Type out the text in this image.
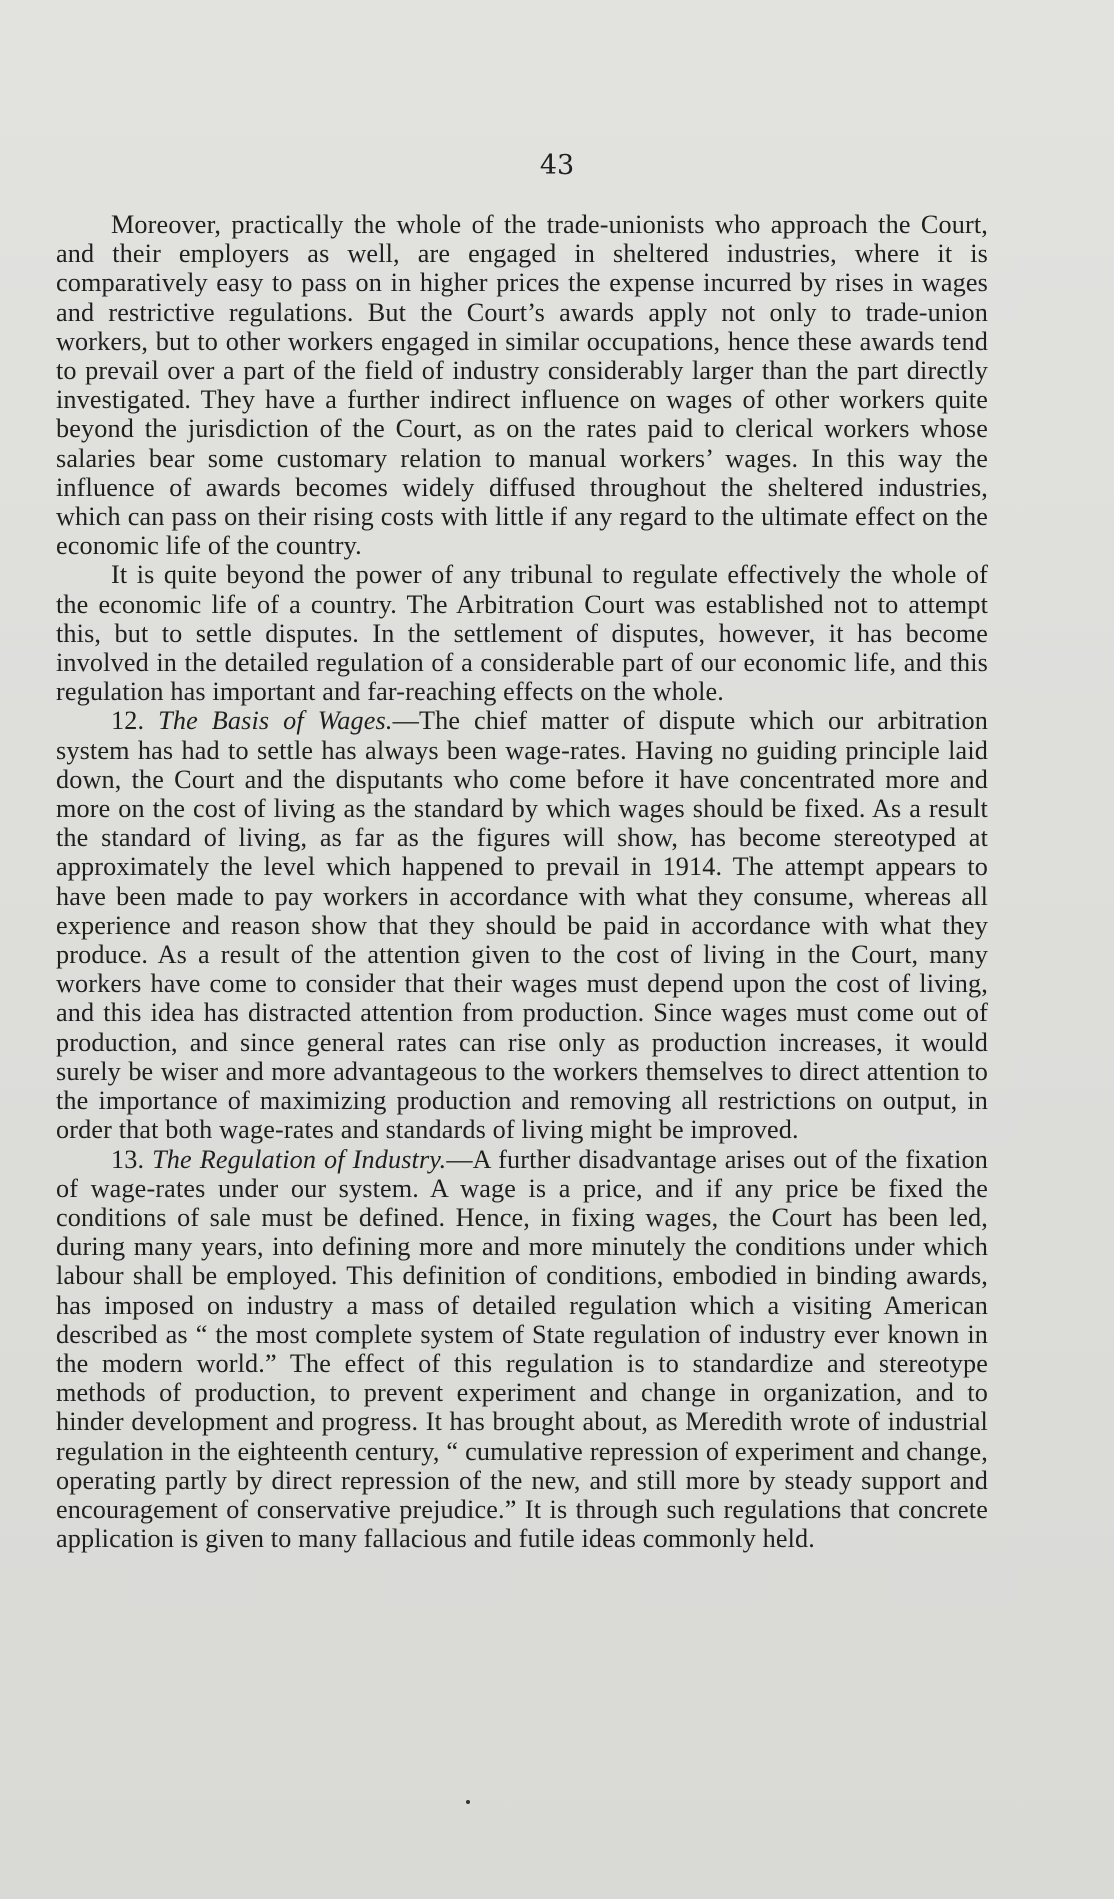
43

Moreover, practically the whole of the trade-unionists who approach the Court, and their employers as well, are engaged in sheltered industries, where it is comparatively easy to pass on in higher prices the expense incurred by rises in wages and restrictive regulations. But the Court’s awards apply not only to trade-union workers, but to other workers engaged in similar occupations, hence these awards tend to prevail over a part of the field of industry considerably larger than the part directly investigated. They have a further indirect influence on wages of other workers quite beyond the jurisdiction of the Court, as on the rates paid to clerical workers whose salaries bear some customary relation to manual workers’ wages. In this way the influence of awards becomes widely diffused throughout the sheltered industries, which can pass on their rising costs with little if any regard to the ultimate effect on the economic life of the country.

It is quite beyond the power of any tribunal to regulate effectively the whole of the economic life of a country. The Arbitration Court was established not to attempt this, but to settle disputes. In the settlement of disputes, however, it has become involved in the detailed regulation of a considerable part of our economic life, and this regulation has important and far-reaching effects on the whole.

12. The Basis of Wages.—The chief matter of dispute which our arbitration system has had to settle has always been wage-rates. Having no guiding principle laid down, the Court and the disputants who come before it have concentrated more and more on the cost of living as the standard by which wages should be fixed. As a result the standard of living, as far as the figures will show, has become stereotyped at approximately the level which happened to prevail in 1914. The attempt appears to have been made to pay workers in accordance with what they consume, whereas all experience and reason show that they should be paid in accordance with what they produce. As a result of the attention given to the cost of living in the Court, many workers have come to consider that their wages must depend upon the cost of living, and this idea has distracted attention from production. Since wages must come out of production, and since general rates can rise only as production increases, it would surely be wiser and more advantageous to the workers themselves to direct attention to the importance of maximizing production and removing all restrictions on output, in order that both wage-rates and standards of living might be improved.

13. The Regulation of Industry.—A further disadvantage arises out of the fixation of wage-rates under our system. A wage is a price, and if any price be fixed the conditions of sale must be defined. Hence, in fixing wages, the Court has been led, during many years, into defining more and more minutely the conditions under which labour shall be employed. This definition of conditions, embodied in binding awards, has imposed on industry a mass of detailed regulation which a visiting American described as “ the most complete system of State regulation of industry ever known in the modern world.” The effect of this regulation is to standardize and stereotype methods of production, to prevent experiment and change in organization, and to hinder development and progress. It has brought about, as Meredith wrote of industrial regulation in the eighteenth century, “ cumulative repression of experiment and change, operating partly by direct repression of the new, and still more by steady support and encouragement of conservative prejudice.” It is through such regulations that concrete application is given to many fallacious and futile ideas commonly held.
